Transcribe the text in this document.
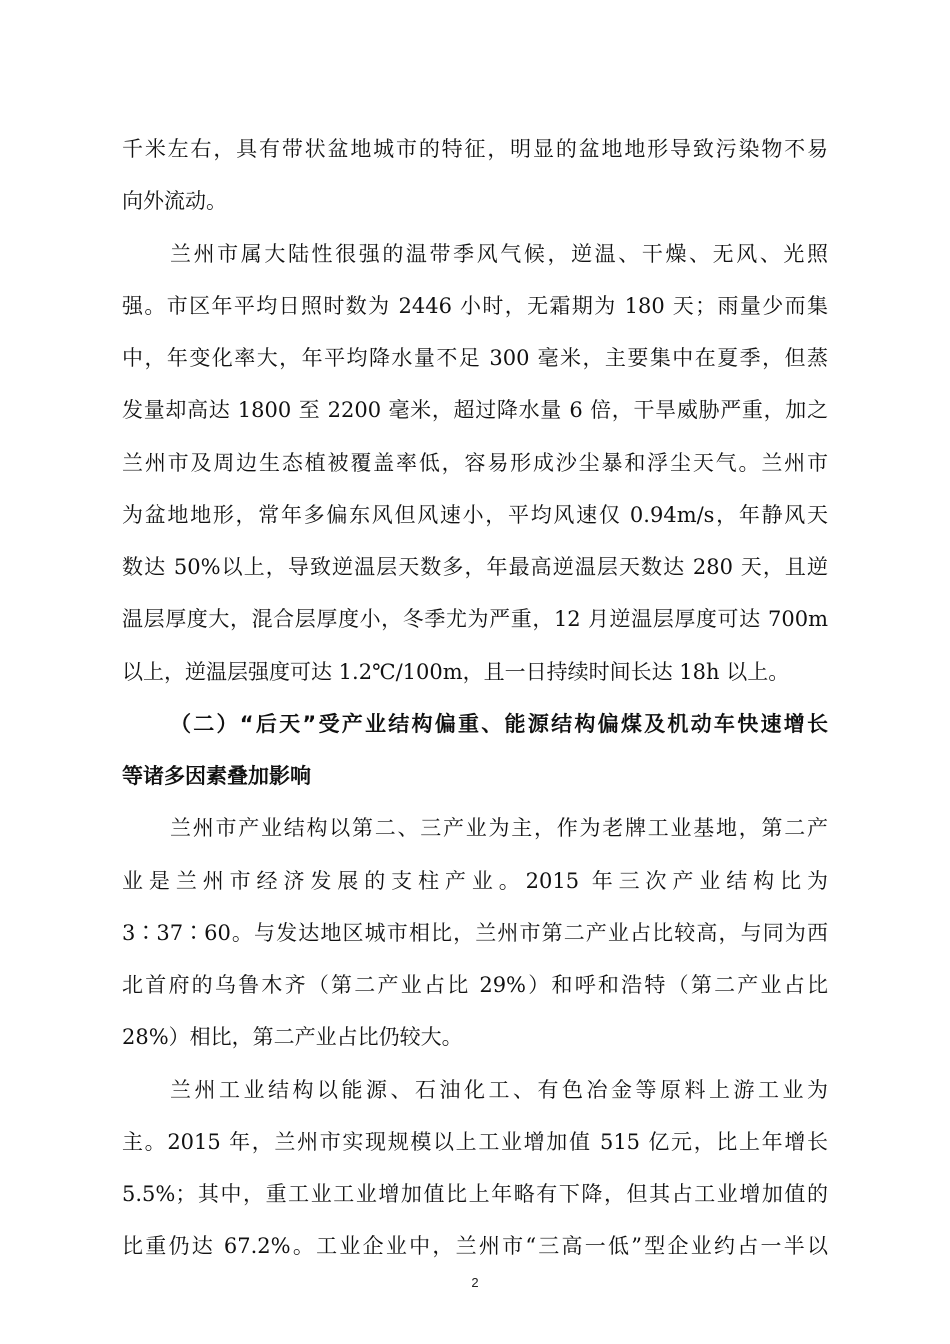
千米左右，具有带状盆地城市的特征，明显的盆地地形导致污染物不易

向外流动。

兰州市属大陆性很强的温带季风气候，逆温、干燥、无风、光照

强。市区年平均日照时数为 2446 小时，无霜期为 180 天；雨量少而集

中，年变化率大，年平均降水量不足 300 毫米，主要集中在夏季，但蒸

发量却高达 1800 至 2200 毫米，超过降水量 6 倍，干旱威胁严重，加之

兰州市及周边生态植被覆盖率低，容易形成沙尘暴和浮尘天气。兰州市

为盆地地形，常年多偏东风但风速小，平均风速仅 0.94m/s，年静风天

数达 50%以上，导致逆温层天数多，年最高逆温层天数达 280 天，且逆

温层厚度大，混合层厚度小，冬季尤为严重，12 月逆温层厚度可达 700m

以上，逆温层强度可达 1.2℃/100m，且一日持续时间长达 18h 以上。

（二）“后天”受产业结构偏重、能源结构偏煤及机动车快速增长

等诸多因素叠加影响

兰州市产业结构以第二、三产业为主，作为老牌工业基地，第二产

业是兰州市经济发展的支柱产业。2015 年三次产业结构比为

3∶37∶60。与发达地区城市相比，兰州市第二产业占比较高，与同为西

北首府的乌鲁木齐（第二产业占比 29%）和呼和浩特（第二产业占比

28%）相比，第二产业占比仍较大。

兰州工业结构以能源、石油化工、有色冶金等原料上游工业为

主。2015 年，兰州市实现规模以上工业增加值 515 亿元，比上年增长

5.5%；其中，重工业工业增加值比上年略有下降，但其占工业增加值的

比重仍达 67.2%。工业企业中，兰州市“三高一低”型企业约占一半以

2
